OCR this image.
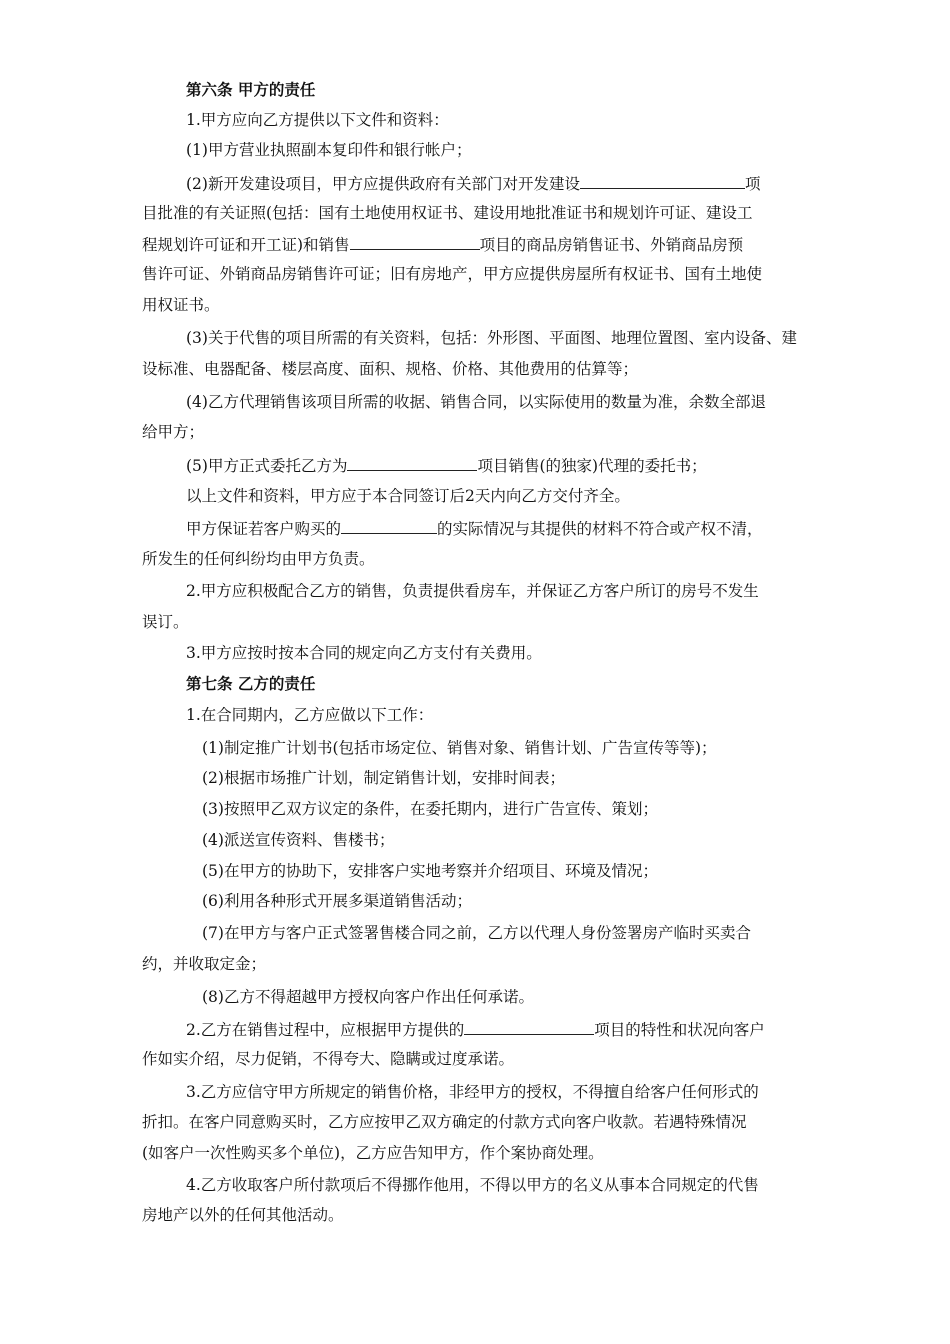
第六条 甲方的责任
1.甲方应向乙方提供以下文件和资料：
(1)甲方营业执照副本复印件和银行帐户；
(2)新开发建设项目，甲方应提供政府有关部门对开发建设	项
目批准的有关证照(包括：国有土地使用权证书、建设用地批准证书和规划许可证、建设工
程规划许可证和开工证)和销售	项目的商品房销售证书、外销商品房预
售许可证、外销商品房销售许可证；旧有房地产，甲方应提供房屋所有权证书、国有土地使
用权证书。
(3)关于代售的项目所需的有关资料，包括：外形图、平面图、地理位置图、室内设备、建
设标准、电器配备、楼层高度、面积、规格、价格、其他费用的估算等；
(4)乙方代理销售该项目所需的收据、销售合同，以实际使用的数量为准，余数全部退
给甲方；
(5)甲方正式委托乙方为	项目销售(的独家)代理的委托书；
以上文件和资料，甲方应于本合同签订后2天内向乙方交付齐全。
甲方保证若客户购买的	的实际情况与其提供的材料不符合或产权不清，
所发生的任何纠纷均由甲方负责。
2.甲方应积极配合乙方的销售，负责提供看房车，并保证乙方客户所订的房号不发生
误订。
3.甲方应按时按本合同的规定向乙方支付有关费用。
第七条 乙方的责任
1.在合同期内，乙方应做以下工作：
(1)制定推广计划书(包括市场定位、销售对象、销售计划、广告宣传等等)；
(2)根据市场推广计划，制定销售计划，安排时间表；
(3)按照甲乙双方议定的条件，在委托期内，进行广告宣传、策划；
(4)派送宣传资料、售楼书；
(5)在甲方的协助下，安排客户实地考察并介绍项目、环境及情况；
(6)利用各种形式开展多渠道销售活动；
(7)在甲方与客户正式签署售楼合同之前，乙方以代理人身份签署房产临时买卖合
约，并收取定金；
(8)乙方不得超越甲方授权向客户作出任何承诺。
2.乙方在销售过程中，应根据甲方提供的	项目的特性和状况向客户
作如实介绍，尽力促销，不得夸大、隐瞒或过度承诺。
3.乙方应信守甲方所规定的销售价格，非经甲方的授权，不得擅自给客户任何形式的
折扣。在客户同意购买时，乙方应按甲乙双方确定的付款方式向客户收款。若遇特殊情况
(如客户一次性购买多个单位)，乙方应告知甲方，作个案协商处理。
4.乙方收取客户所付款项后不得挪作他用，不得以甲方的名义从事本合同规定的代售
房地产以外的任何其他活动。
